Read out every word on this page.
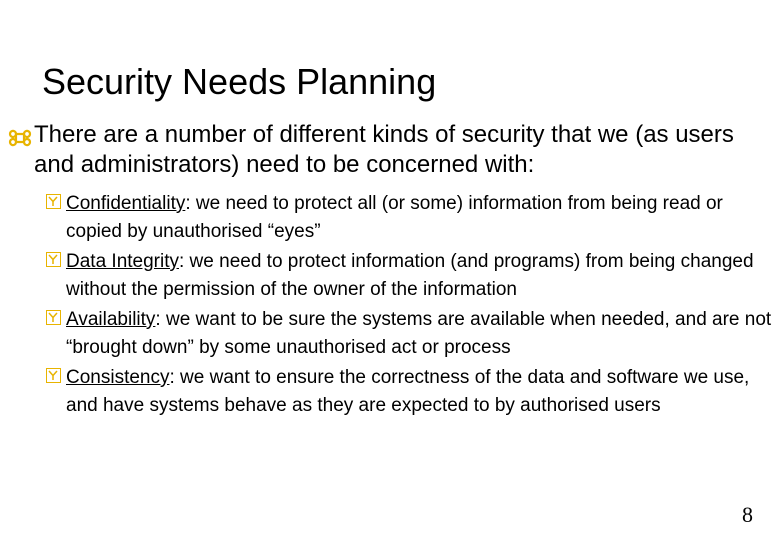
Security Needs Planning
There are a number of different kinds of security that we (as users and administrators) need to be concerned with:
Confidentiality: we need to protect all (or some) information from being read or copied by unauthorised “eyes”
Data Integrity: we need to protect information (and programs) from being changed without the permission of the owner of the information
Availability: we want to be sure the systems are available when needed, and are not “brought down” by some unauthorised act or process
Consistency: we want to ensure the correctness of the data and software we use, and have systems behave as they are expected to by authorised users
8
